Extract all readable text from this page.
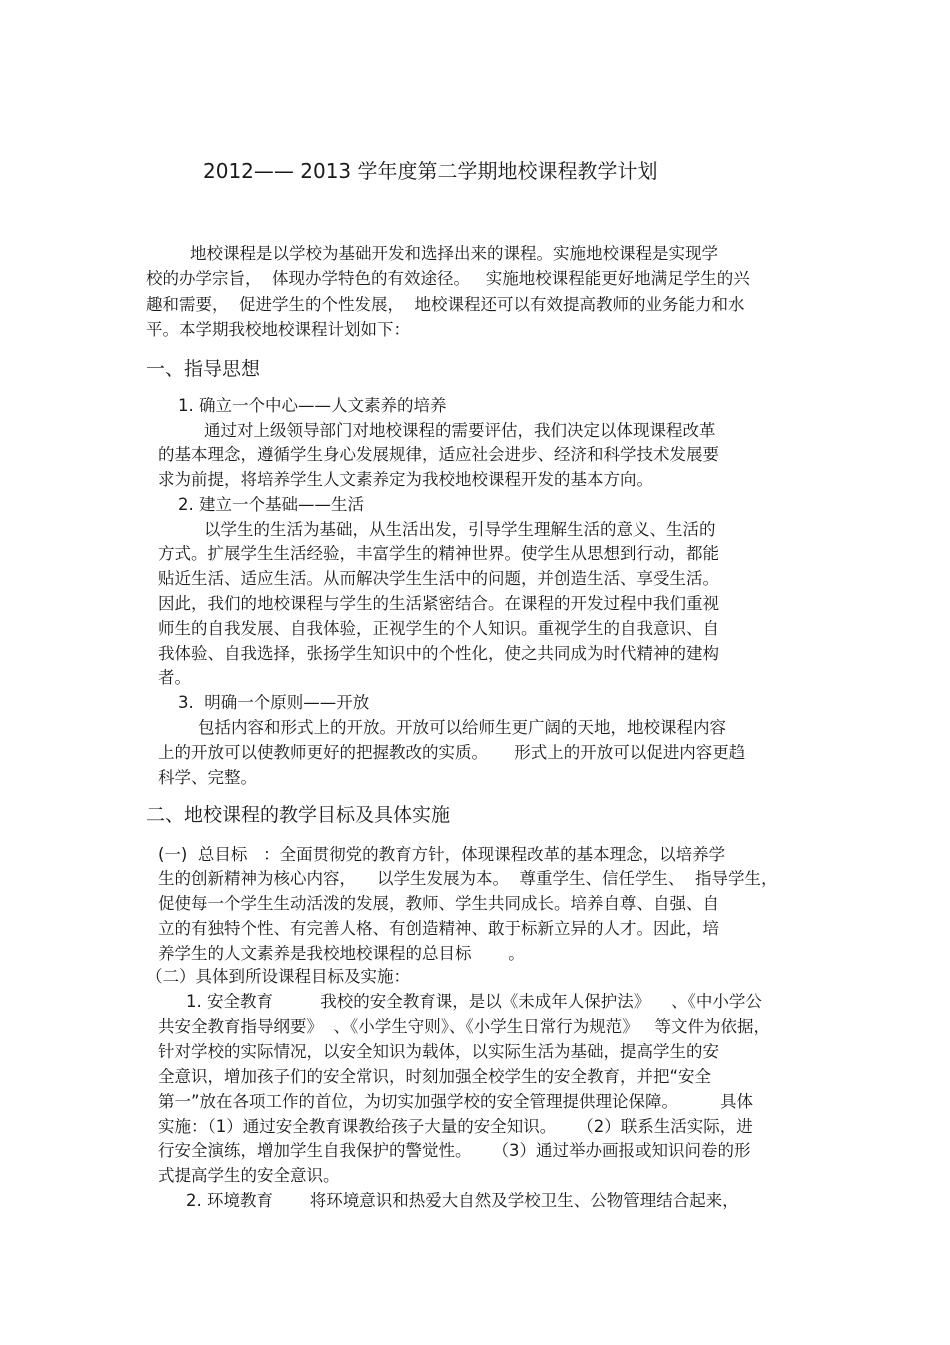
2012—— 2013 学年度第二学期地校课程教学计划
地校课程是以学校为基础开发和选择出来的课程。实施地校课程是实现学
校的办学宗旨，  体现办学特色的有效途径。   实施地校课程能更好地满足学生的兴
趣和需要，  促进学生的个性发展，  地校课程还可以有效提高教师的业务能力和水
平。本学期我校地校课程计划如下：
一、指导思想
1. 确立一个中心——人文素养的培养
通过对上级领导部门对地校课程的需要评估，我们决定以体现课程改革
的基本理念，遵循学生身心发展规律，适应社会进步、经济和科学技术发展要
求为前提，将培养学生人文素养定为我校地校课程开发的基本方向。
2. 建立一个基础——生活
以学生的生活为基础，从生活出发，引导学生理解生活的意义、生活的
方式。扩展学生生活经验，丰富学生的精神世界。使学生从思想到行动，都能
贴近生活、适应生活。从而解决学生生活中的问题，并创造生活、享受生活。
因此，我们的地校课程与学生的生活紧密结合。在课程的开发过程中我们重视
师生的自我发展、自我体验，正视学生的个人知识。重视学生的自我意识、自
我体验、自我选择，张扬学生知识中的个性化，使之共同成为时代精神的建构
者。
3.  明确一个原则——开放
包括内容和形式上的开放。开放可以给师生更广阔的天地，地校课程内容
上的开放可以使教师更好的把握教改的实质。     形式上的开放可以促进内容更趋
科学、完整。
二、地校课程的教学目标及具体实施
(一)  总目标   ：全面贯彻党的教育方针，体现课程改革的基本理念，以培养学
生的创新精神为核心内容，    以学生发展为本。  尊重学生、信任学生、  指导学生，
促使每一个学生生动活泼的发展，教师、学生共同成长。培养自尊、自强、自
立的有独特个性、有完善人格、有创造精神、敢于标新立异的人才。因此，培
养学生的人文素养是我校地校课程的总目标       。
（二）具体到所设课程目标及实施：
1. 安全教育         我校的安全教育课，是以《未成年人保护法》    、《中小学公
共安全教育指导纲要》  、《小学生守则》、《小学生日常行为规范》   等文件为依据，
针对学校的实际情况，以安全知识为载体，以实际生活为基础，提高学生的安
全意识，增加孩子们的安全常识，时刻加强全校学生的安全教育，并把“安全
第一”放在各项工作的首位，为切实加强学校的安全管理提供理论保障。        具体
实施：（1）通过安全教育课教给孩子大量的安全知识。    （2）联系生活实际，进
行安全演练，增加学生自我保护的警觉性。    （3）通过举办画报或知识问卷的形
式提高学生的安全意识。
2. 环境教育       将环境意识和热爱大自然及学校卫生、公物管理结合起来，
